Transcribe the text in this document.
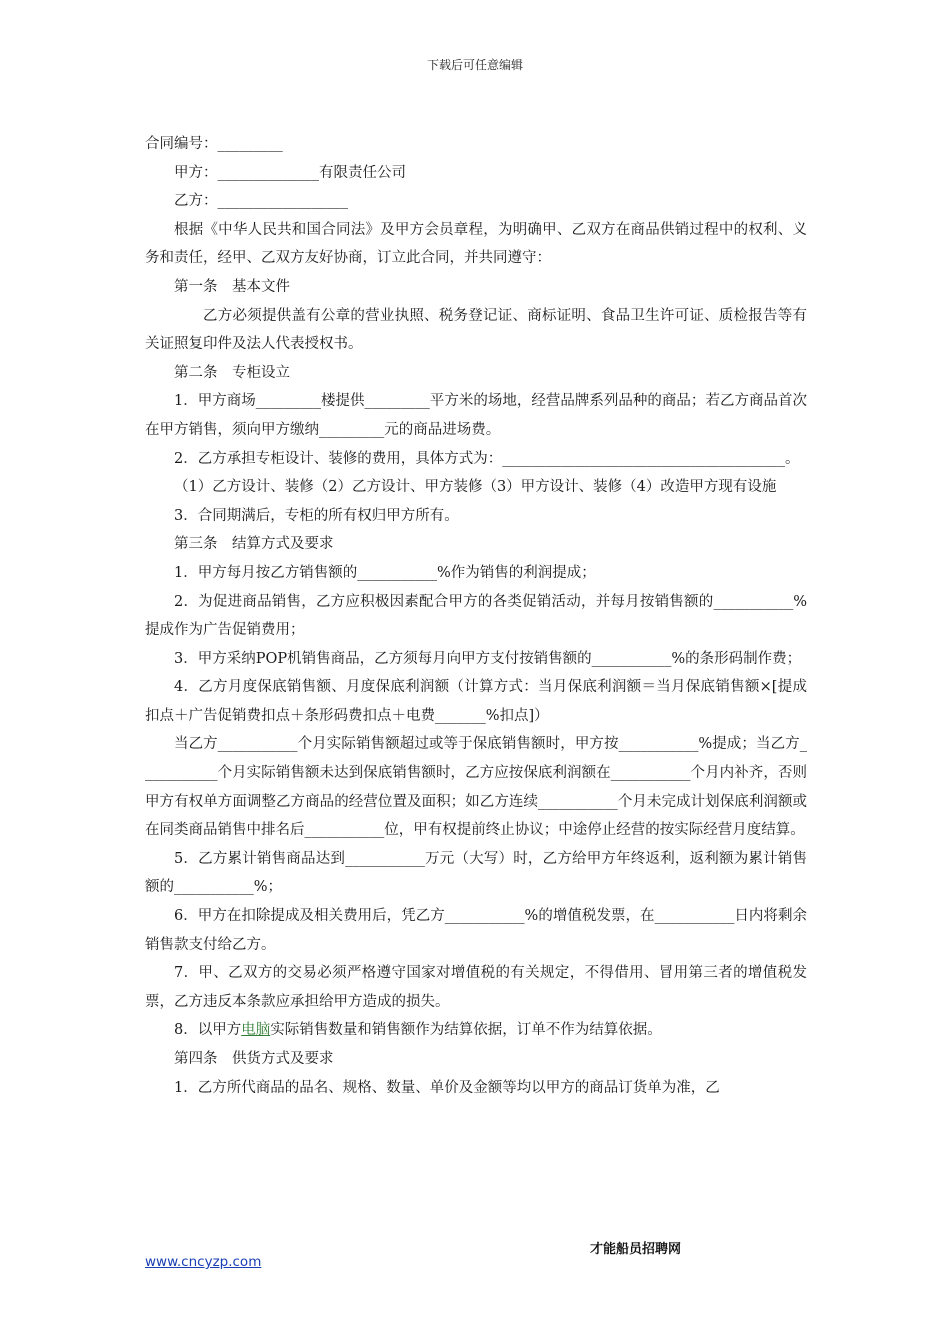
下载后可任意编辑

合同编号：_________

甲方：______________有限责任公司

乙方：__________________

根据《中华人民共和国合同法》及甲方会员章程，为明确甲、乙双方在商品供销过程中的权利、义务和责任，经甲、乙双方友好协商，订立此合同，并共同遵守：

第一条　基本文件

乙方必须提供盖有公章的营业执照、税务登记证、商标证明、食品卫生许可证、质检报告等有关证照复印件及法人代表授权书。

第二条　专柜设立

1．甲方商场_________楼提供_________平方米的场地，经营品牌系列品种的商品；若乙方商品首次在甲方销售，须向甲方缴纳_________元的商品进场费。

2．乙方承担专柜设计、装修的费用，具体方式为：_______________________________________。

（1）乙方设计、装修（2）乙方设计、甲方装修（3）甲方设计、装修（4）改造甲方现有设施

3．合同期满后，专柜的所有权归甲方所有。

第三条　结算方式及要求

1．甲方每月按乙方销售额的___________%作为销售的利润提成；

2．为促进商品销售，乙方应积极因素配合甲方的各类促销活动，并每月按销售额的___________%提成作为广告促销费用；

3．甲方采纳POP机销售商品，乙方须每月向甲方支付按销售额的___________%的条形码制作费；

4．乙方月度保底销售额、月度保底利润额（计算方式：当月保底利润额＝当月保底销售额×[提成扣点＋广告促销费扣点＋条形码费扣点＋电费_______%扣点]）

当乙方___________个月实际销售额超过或等于保底销售额时，甲方按___________%提成；当乙方___________个月实际销售额未达到保底销售额时，乙方应按保底利润额在___________个月内补齐，否则甲方有权单方面调整乙方商品的经营位置及面积；如乙方连续___________个月未完成计划保底利润额或在同类商品销售中排名后___________位，甲有权提前终止协议；中途停止经营的按实际经营月度结算。

5．乙方累计销售商品达到___________万元（大写）时，乙方给甲方年终返利，返利额为累计销售额的___________%；

6．甲方在扣除提成及相关费用后，凭乙方___________%的增值税发票，在___________日内将剩余销售款支付给乙方。

7．甲、乙双方的交易必须严格遵守国家对增值税的有关规定，不得借用、冒用第三者的增值税发票，乙方违反本条款应承担给甲方造成的损失。

8．以甲方电脑实际销售数量和销售额作为结算依据，订单不作为结算依据。

第四条　供货方式及要求

1．乙方所代商品的品名、规格、数量、单价及金额等均以甲方的商品订货单为准，乙

才能船员招聘网
www.cncyzp.com
